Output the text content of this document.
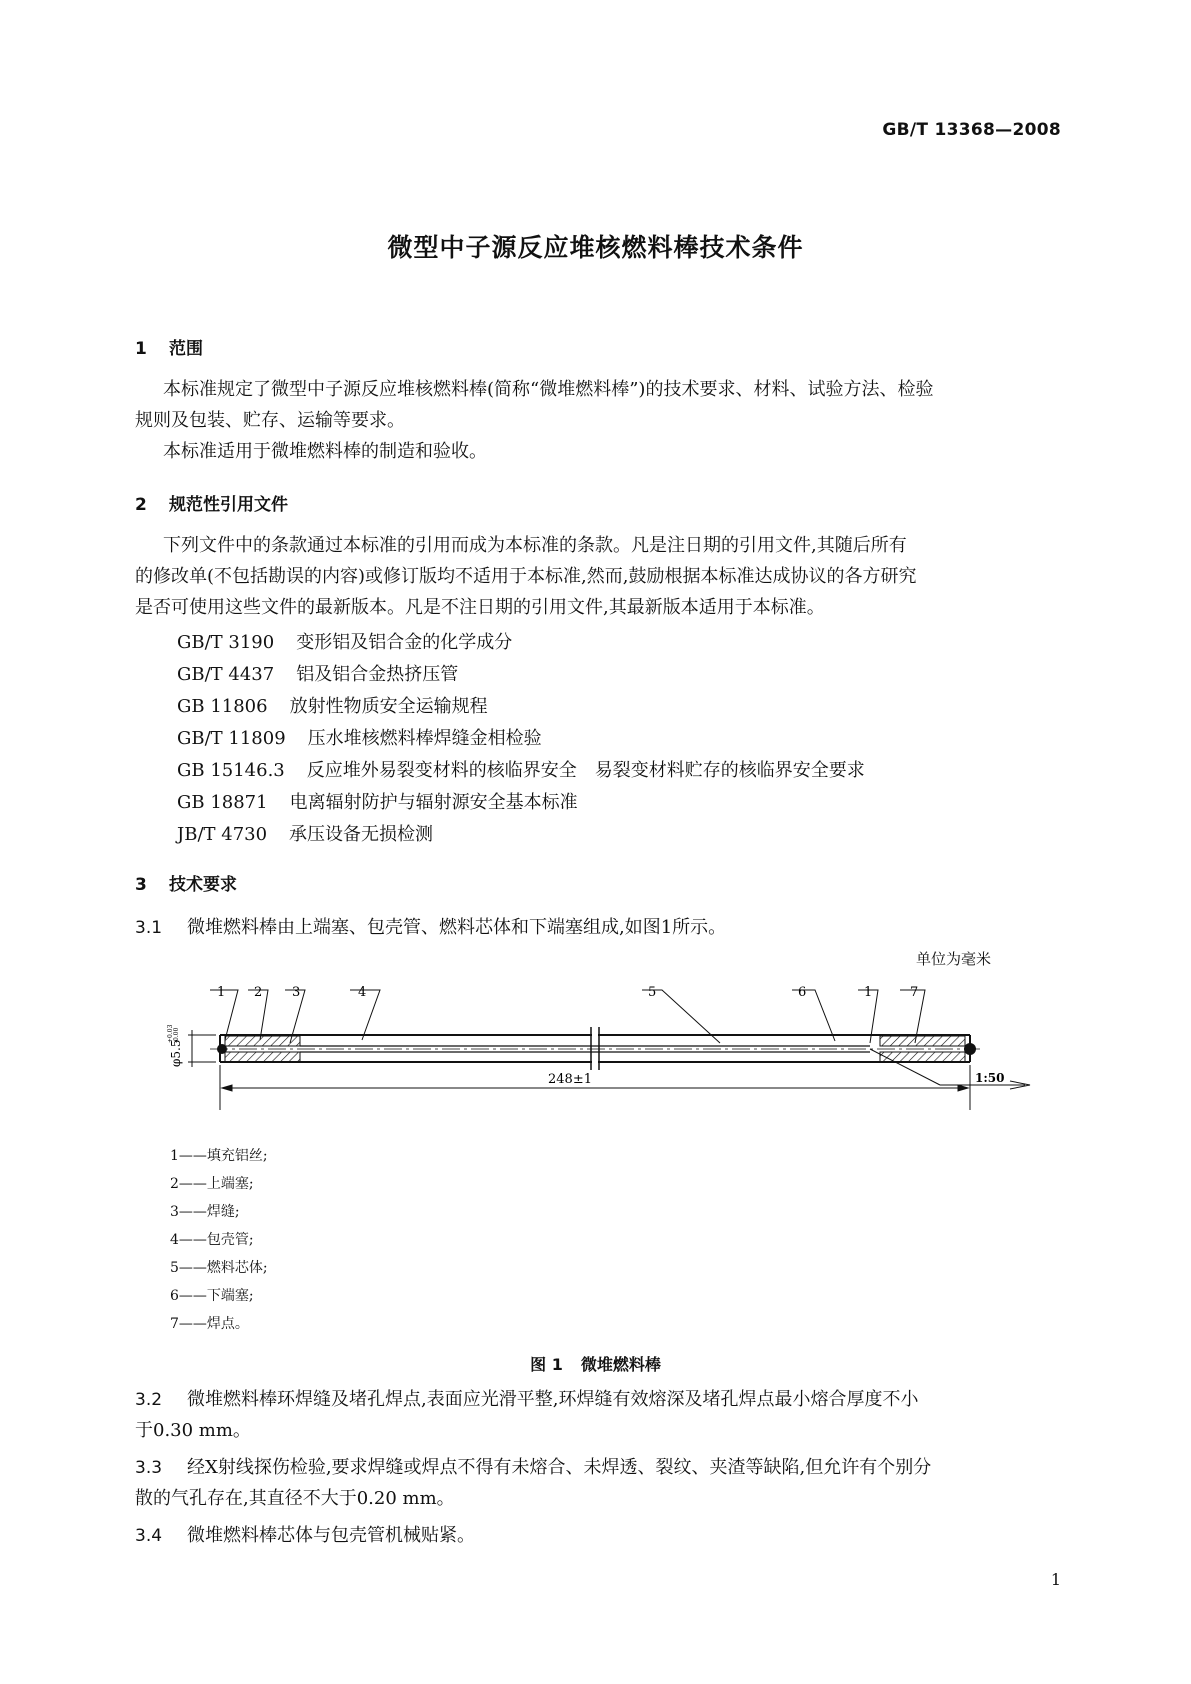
GB/T 13368—2008
微型中子源反应堆核燃料棒技术条件
1 范围
本标准规定了微型中子源反应堆核燃料棒(简称“微堆燃料棒”)的技术要求、材料、试验方法、检验
规则及包装、贮存、运输等要求。
本标准适用于微堆燃料棒的制造和验收。
2 规范性引用文件
下列文件中的条款通过本标准的引用而成为本标准的条款。凡是注日期的引用文件,其随后所有
的修改单(不包括勘误的内容)或修订版均不适用于本标准,然而,鼓励根据本标准达成协议的各方研究
是否可使用这些文件的最新版本。凡是不注日期的引用文件,其最新版本适用于本标准。
GB/T 3190 变形铝及铝合金的化学成分
GB/T 4437 铝及铝合金热挤压管
GB 11806 放射性物质安全运输规程
GB/T 11809 压水堆核燃料棒焊缝金相检验
GB 15146.3 反应堆外易裂变材料的核临界安全　易裂变材料贮存的核临界安全要求
GB 18871 电离辐射防护与辐射源安全基本标准
JB/T 4730 承压设备无损检测
3 技术要求
3.1 微堆燃料棒由上端塞、包壳管、燃料芯体和下端塞组成,如图1所示。
单位为毫米
1 2 3	4	5	6	1	7
φ5.5
+0.03 -0.00
248±1	1:50
1——填充铝丝;
2——上端塞;
3——焊缝;
4——包壳管;
5——燃料芯体;
6——下端塞;
7——焊点。
图 1 微堆燃料棒
3.2 微堆燃料棒环焊缝及堵孔焊点,表面应光滑平整,环焊缝有效熔深及堵孔焊点最小熔合厚度不小
于0.30 mm。
3.3 经X射线探伤检验,要求焊缝或焊点不得有未熔合、未焊透、裂纹、夹渣等缺陷,但允许有个别分
散的气孔存在,其直径不大于0.20 mm。
3.4 微堆燃料棒芯体与包壳管机械贴紧。
1
